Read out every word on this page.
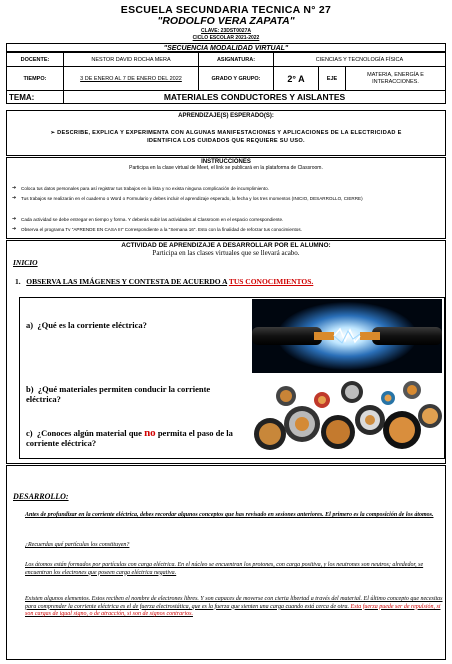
ESCUELA SECUNDARIA TECNICA N° 27
"RODOLFO VERA ZAPATA"
CLAVE: 23DST0027A
CICLO ESCOLAR 2021-2022
"SECUENCIA MODALIDAD VIRTUAL"
DOCENTE:	NESTOR DAVID ROCHA MERA	ASIGNATURA:	CIENCIAS Y TECNOLOGÍA FÍSICA		
TIEMPO:	3 DE ENERO AL 7 DE ENERO DEL 2022	GRADO Y GRUPO:	2° A	EJE	MATERIA, ENERGÍA E INTERACCIONES.
TEMA:	MATERIALES CONDUCTORES Y AISLANTES				
APRENDIZAJE(S) ESPERADO(S):
➢ DESCRIBE, EXPLICA Y EXPERIMENTA CON ALGUNAS MANIFESTACIONES Y APLICACIONES DE LA ELECTRICIDAD E IDENTIFICA LOS CUIDADOS QUE REQUIERE SU USO.
INSTRUCCIONES
Participa en la clase virtual de Meet, el link se publicará en la plataforma de Classroom.
➔ Coloca tus datos personales para así registrar tus trabajos en la lista y no exista ninguna complicación de incumplimiento.
➔ Tus trabajos se realizarán en el cuaderno o Word o Formulario y debes incluir el aprendizaje esperado, la fecha y los tres momentos (INICIO, DESARROLLO, CIERRE)
➔ Cada actividad se debe entregar en tiempo y forma. Y deberás subir las actividades al Classroom en el espacio correspondiente.
➔ Observa el programa Tv "APRENDE EN CASA III" Correspondiente a la "Semana 16". Esto con la finalidad de reforzar tus conocimientos.
ACTIVIDAD DE APRENDIZAJE A DESARROLLAR POR EL ALUMNO:
Participa en las clases virtuales que se llevará acabo.
INICIO
1. OBSERVA LAS IMÁGENES Y CONTESTA DE ACUERDO A TUS CONOCIMIENTOS.
a) ¿Qué es la corriente eléctrica?
b) ¿Qué materiales permiten conducir la corriente eléctrica?
c) ¿Conoces algún material que no permita el paso de la corriente eléctrica?
DESARROLLO:
Antes de profundizar en la corriente eléctrica, debes recordar algunos conceptos que has revisado en sesiones anteriores. El primero es la composición de los átomos.
¿Recuerdas qué partículas los constituyen?
Los átomos están formados por partículas con carga eléctrica. En el núcleo se encuentran los protones, con carga positiva, y los neutrones son neutros; alrededor, se encuentran los electrones que poseen carga eléctrica negativa.
Existen algunos elementos. Estos reciben el nombre de electrones libres. Y son capaces de moverse con cierta libertad a través del material. El último concepto que necesitas para comprender la corriente eléctrica es el de fuerza electrostática, que es la fuerza que sienten una carga cuando está cerca de otra. Esta fuerza puede ser de repulsión, si son cargas de igual signo, o de atracción, si son de signos contrarios.
